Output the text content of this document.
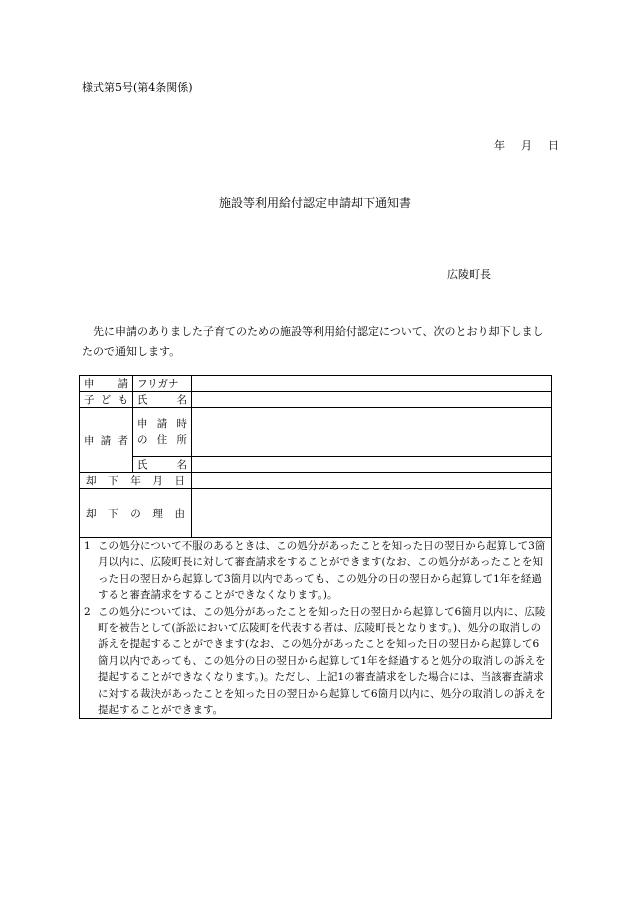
様式第5号(第4条関係)
年 月 日
施設等利用給付認定申請却下通知書
広陵町長
先に申請のありました子育てのための施設等利用給付認定について、次のとおり却下しましたので通知します。
申　請	フリガナ	
子ども	氏　名	
申請者	申 請 時
の 住 所	

	氏　名	
却下年月日		
却下の理由		

1 この処分について不服のあるときは、この処分があったことを知った日の翌日から起算して3箇月以内に、広陵町長に対して審査請求をすることができます(なお、この処分があったことを知った日の翌日から起算して3箇月以内であっても、この処分の日の翌日から起算して1年を経過すると審査請求をすることができなくなります。)。
2 この処分については、この処分があったことを知った日の翌日から起算して6箇月以内に、広陵町を被告として(訴訟において広陵町を代表する者は、広陵町長となります。)、処分の取消しの訴えを提起することができます(なお、この処分があったことを知った日の翌日から起算して6箇月以内であっても、この処分の日の翌日から起算して1年を経過すると処分の取消しの訴えを提起することができなくなります。)。ただし、上記1の審査請求をした場合には、当該審査請求に対する裁決があったことを知った日の翌日から起算して6箇月以内に、処分の取消しの訴えを提起することができます。		
